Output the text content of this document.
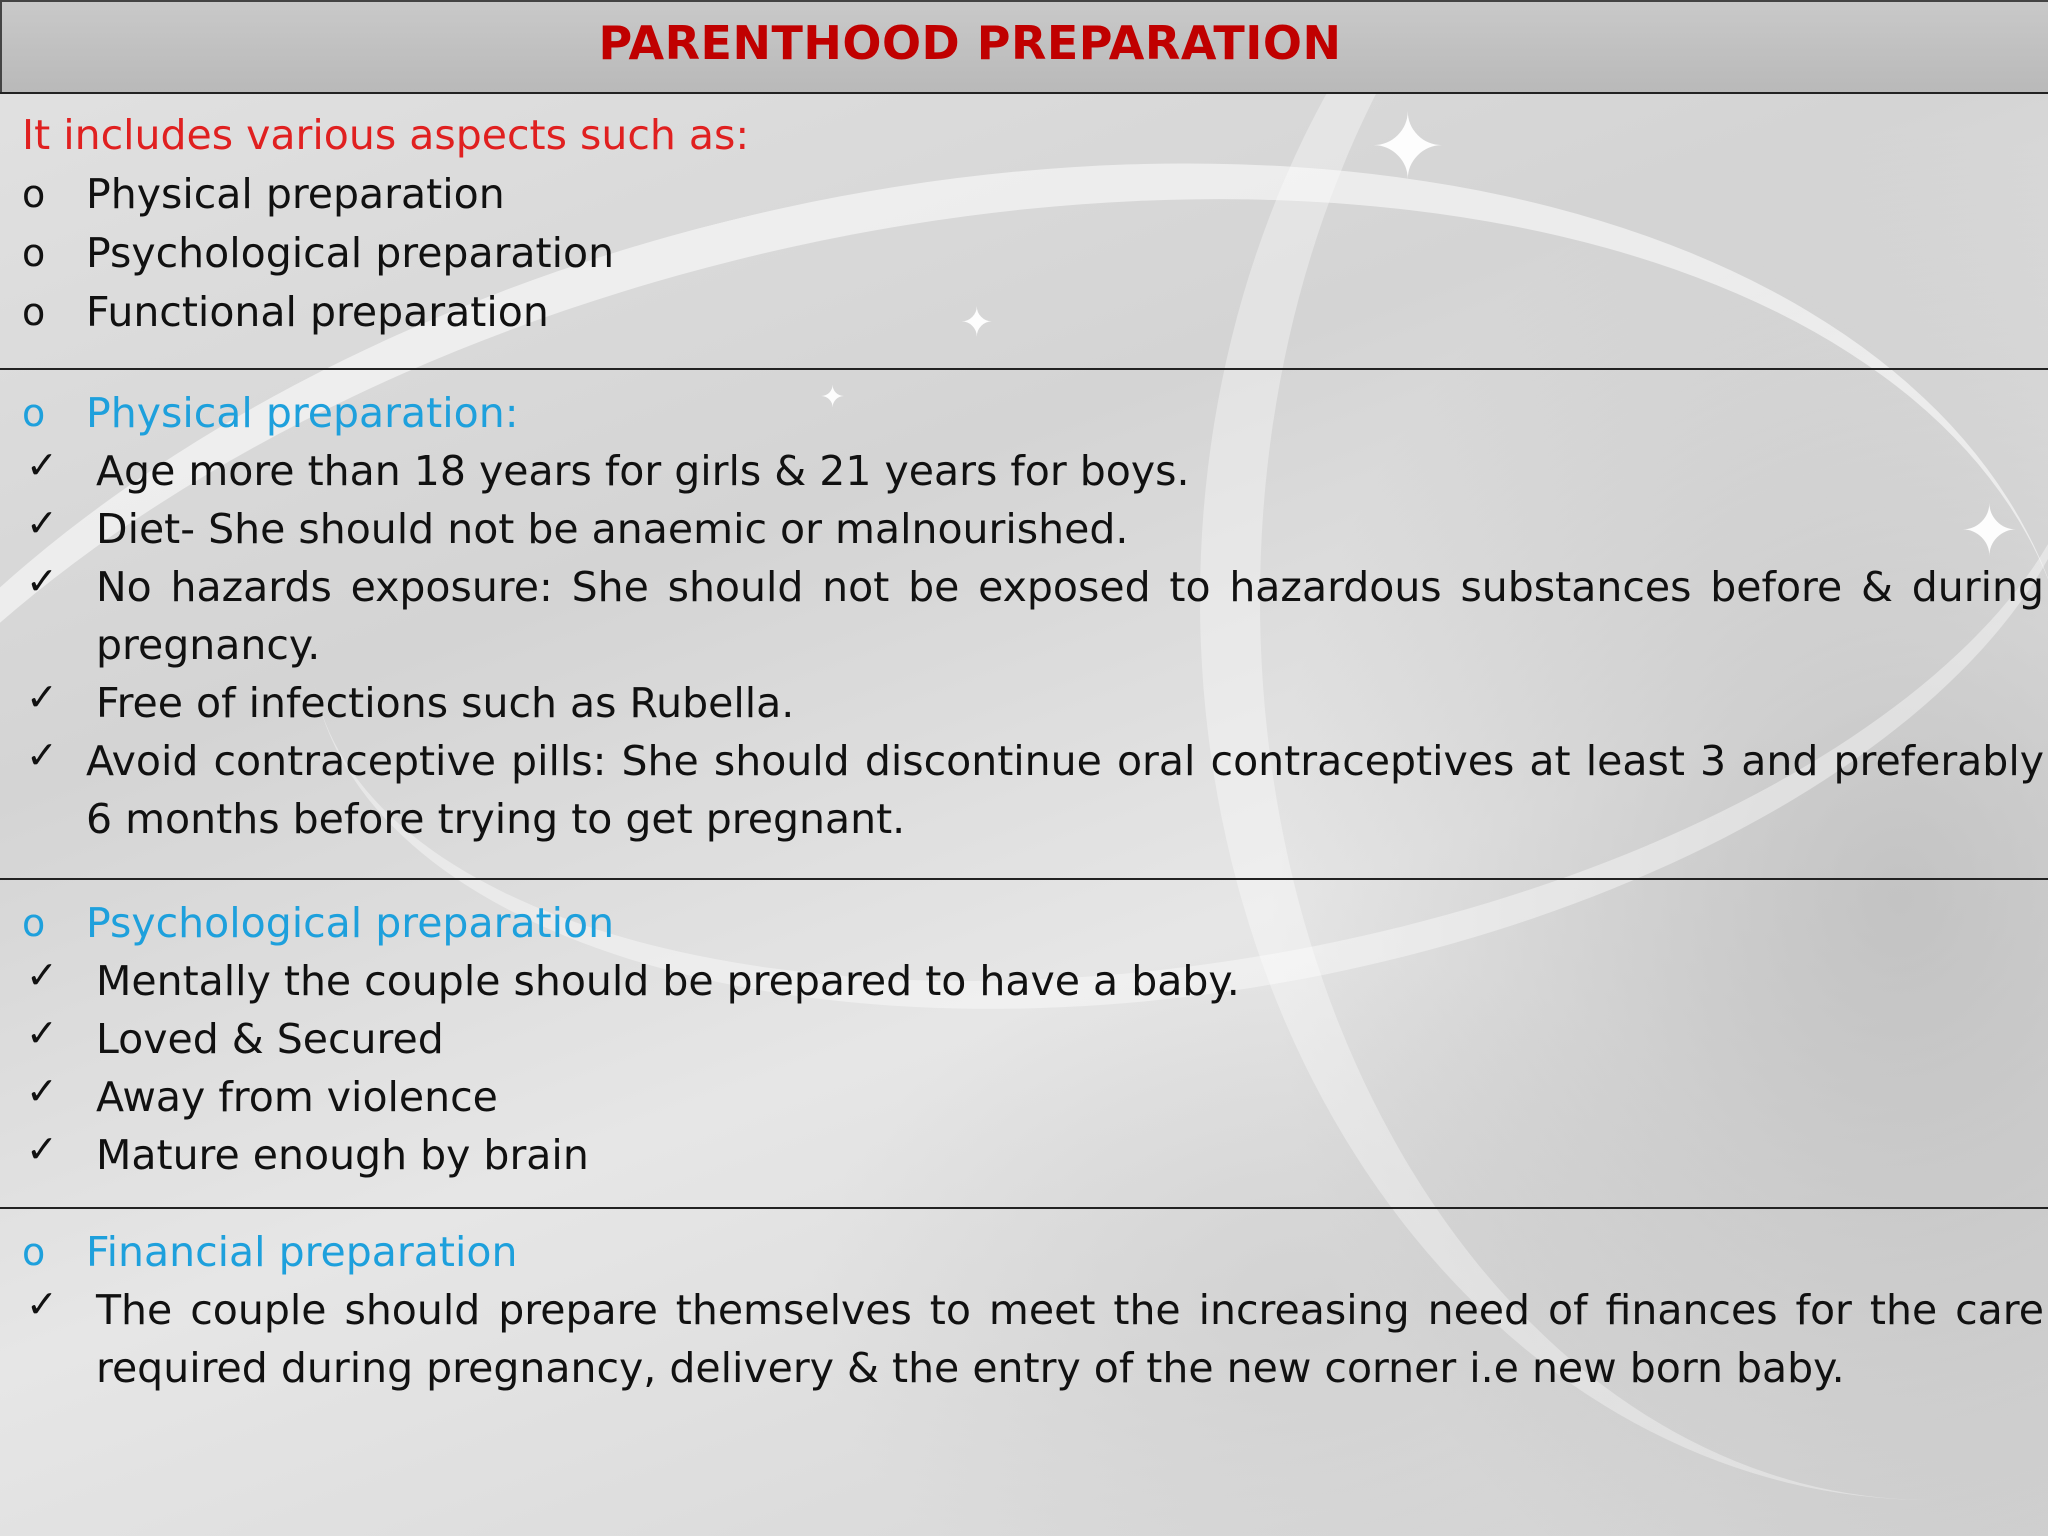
✦
✦
✦
✦
PARENTHOOD PREPARATION
It includes various aspects such as:
o Physical preparation
o Psychological preparation
o Functional preparation
o Physical preparation:
✓ Age more than 18 years for girls & 21 years for boys.
✓ Diet- She should not be anaemic or malnourished.
✓ No hazards exposure: She should not be exposed to hazardous substances before & during pregnancy.
✓ Free of infections such as Rubella.
✓ Avoid contraceptive pills: She should discontinue oral contraceptives at least 3 and preferably 6 months before trying to get pregnant.
o Psychological preparation
✓ Mentally the couple should be prepared to have a baby.
✓ Loved & Secured
✓ Away from violence
✓ Mature enough by brain
o Financial preparation
✓ The couple should prepare themselves to meet the increasing need of finances for the care required during pregnancy, delivery & the entry of the new corner i.e new born baby.
